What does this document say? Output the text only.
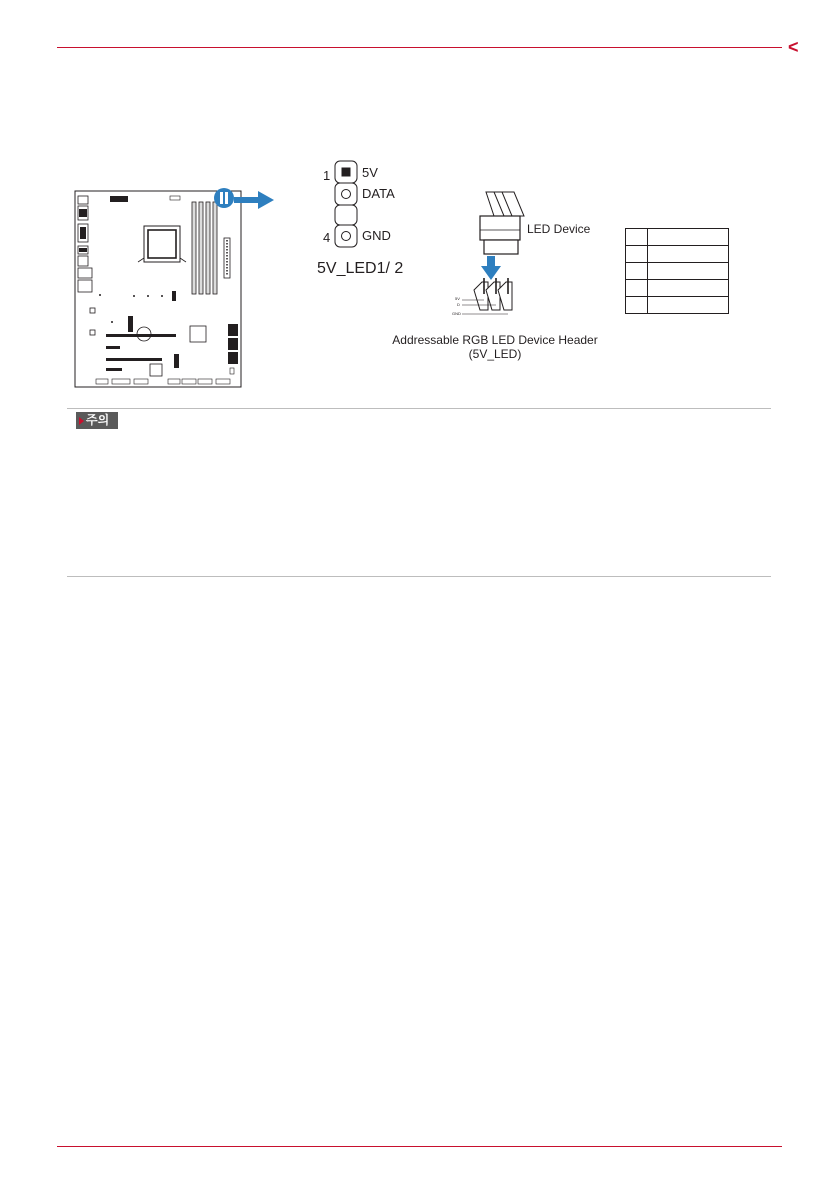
<
1 5V
DATA
4 GND
5V_LED1/ 2
5V
D
GND
LED Device
Addressable RGB LED Device Header
(5V_LED)

주의
